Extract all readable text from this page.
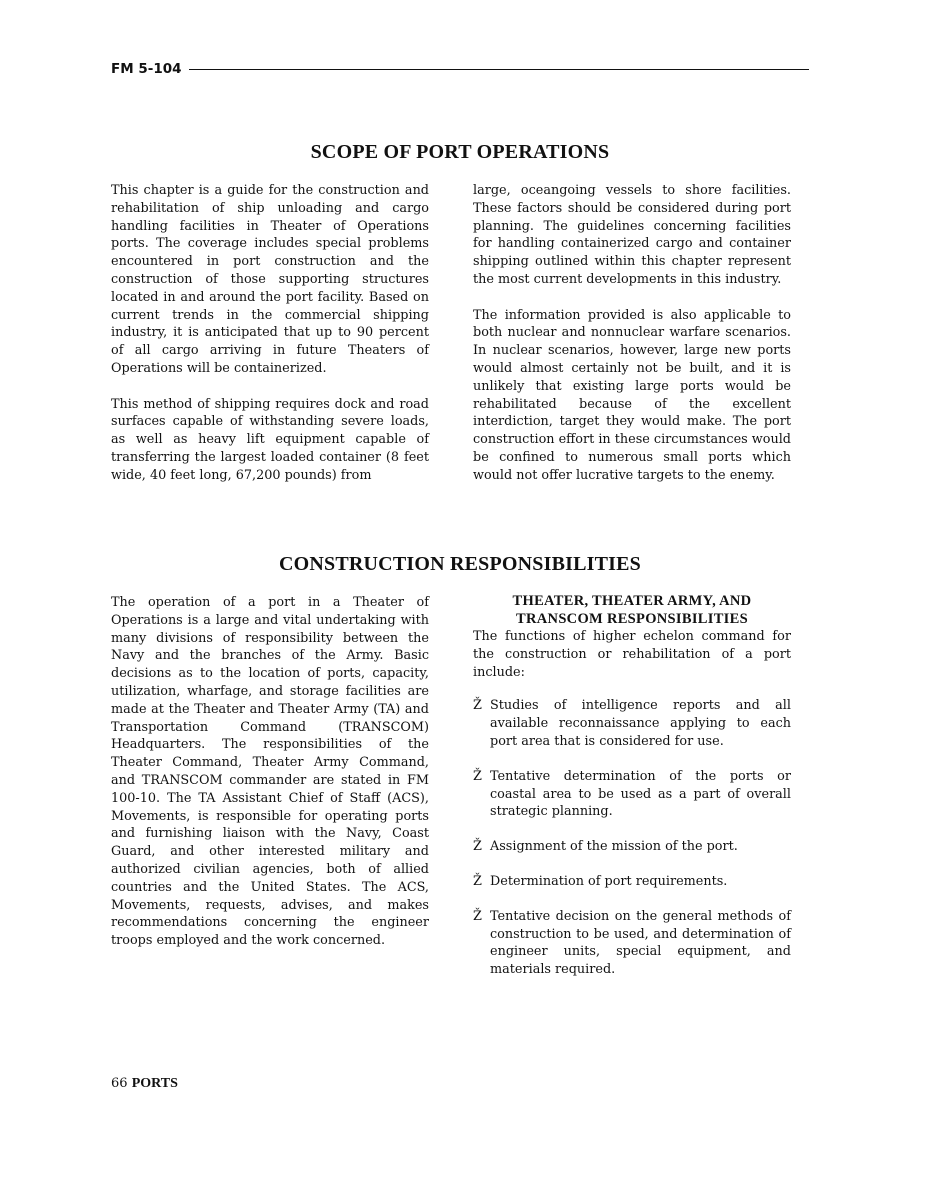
FM 5-104
SCOPE OF PORT OPERATIONS

This chapter is a guide for the construction and rehabilitation of ship unloading and cargo handling facilities in Theater of Operations ports. The coverage includes special problems encountered in port construction and the construction of those supporting structures located in and around the port facility. Based on current trends in the commercial shipping industry, it is anticipated that up to 90 percent of all cargo arriving in future Theaters of Operations will be containerized.

This method of shipping requires dock and road surfaces capable of withstanding severe loads, as well as heavy lift equipment capable of transferring the largest loaded container (8 feet wide, 40 feet long, 67,200 pounds) from

large, oceangoing vessels to shore facilities. These factors should be considered during port planning. The guidelines concerning facilities for handling containerized cargo and container shipping outlined within this chapter represent the most current developments in this industry.

The information provided is also applicable to both nuclear and nonnuclear warfare scenarios. In nuclear scenarios, however, large new ports would almost certainly not be built, and it is unlikely that existing large ports would be rehabilitated because of the excellent interdiction, target they would make. The port construction effort in these circumstances would be confined to numerous small ports which would not offer lucrative targets to the enemy.

CONSTRUCTION RESPONSIBILITIES

The operation of a port in a Theater of Operations is a large and vital undertaking with many divisions of responsibility between the Navy and the branches of the Army. Basic decisions as to the location of ports, capacity, utilization, wharfage, and storage facilities are made at the Theater and Theater Army (TA) and Transportation Command (TRANSCOM) Headquarters. The responsibilities of the Theater Command, Theater Army Command, and TRANSCOM commander are stated in FM 100-10. The TA Assistant Chief of Staff (ACS), Movements, is responsible for operating ports and furnishing liaison with the Navy, Coast Guard, and other interested military and authorized civilian agencies, both of allied countries and the United States. The ACS, Movements, requests, advises, and makes recommendations concerning the engineer troops employed and the work concerned.

THEATER, THEATER ARMY, AND TRANSCOM RESPONSIBILITIES

The functions of higher echelon command for the construction or rehabilitation of a port include:

Ž Studies of intelligence reports and all available reconnaissance applying to each port area that is considered for use.
Ž Tentative determination of the ports or coastal area to be used as a part of overall strategic planning.
Ž Assignment of the mission of the port.
Ž Determination of port requirements.
Ž Tentative decision on the general methods of construction to be used, and determination of engineer units, special equipment, and materials required.
66 PORTS
